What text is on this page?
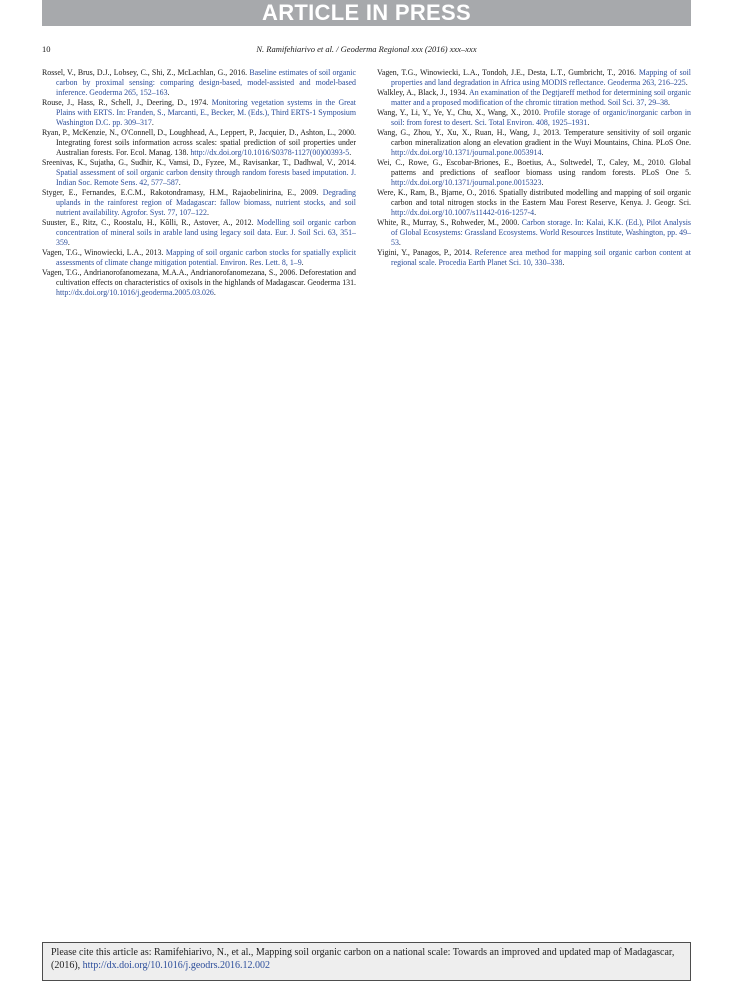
ARTICLE IN PRESS
10	N. Ramifehiarivo et al. / Geoderma Regional xxx (2016) xxx–xxx

Rossel, V., Brus, D.J., Lobsey, C., Shi, Z., McLachlan, G., 2016. Baseline estimates of soil organic carbon by proximal sensing: comparing design-based, model-assisted and model-based inference. Geoderma 265, 152–163.

Rouse, J., Hass, R., Schell, J., Deering, D., 1974. Monitoring vegetation systems in the Great Plains with ERTS. In: Franden, S., Marcanti, E., Becker, M. (Eds.), Third ERTS-1 Symposium Washington D.C. pp. 309–317.

Ryan, P., McKenzie, N., O'Connell, D., Loughhead, A., Leppert, P., Jacquier, D., Ashton, L., 2000. Integrating forest soils information across scales: spatial prediction of soil properties under Australian forests. For. Ecol. Manag. 138. http://dx.doi.org/10.1016/S0378-1127(00)00393-5.

Sreenivas, K., Sujatha, G., Sudhir, K., Vamsi, D., Fyzee, M., Ravisankar, T., Dadhwal, V., 2014. Spatial assessment of soil organic carbon density through random forests based imputation. J. Indian Soc. Remote Sens. 42, 577–587.

Styger, E., Fernandes, E.C.M., Rakotondramasy, H.M., Rajaobelinirina, E., 2009. Degrading uplands in the rainforest region of Madagascar: fallow biomass, nutrient stocks, and soil nutrient availability. Agrofor. Syst. 77, 107–122.

Suuster, E., Ritz, C., Roostalu, H., Kõlli, R., Astover, A., 2012. Modelling soil organic carbon concentration of mineral soils in arable land using legacy soil data. Eur. J. Soil Sci. 63, 351–359.

Vagen, T.G., Winowiecki, L.A., 2013. Mapping of soil organic carbon stocks for spatially explicit assessments of climate change mitigation potential. Environ. Res. Lett. 8, 1–9.

Vagen, T.G., Andrianorofanomezana, M.A.A., Andrianorofanomezana, S., 2006. Deforestation and cultivation effects on characteristics of oxisols in the highlands of Madagascar. Geoderma 131. http://dx.doi.org/10.1016/j.geoderma.2005.03.026.

Vagen, T.G., Winowiecki, L.A., Tondoh, J.E., Desta, L.T., Gumbricht, T., 2016. Mapping of soil properties and land degradation in Africa using MODIS reflectance. Geoderma 263, 216–225.

Walkley, A., Black, J., 1934. An examination of the Degtjareff method for determining soil organic matter and a proposed modification of the chromic titration method. Soil Sci. 37, 29–38.

Wang, Y., Li, Y., Ye, Y., Chu, X., Wang, X., 2010. Profile storage of organic/inorganic carbon in soil: from forest to desert. Sci. Total Environ. 408, 1925–1931.

Wang, G., Zhou, Y., Xu, X., Ruan, H., Wang, J., 2013. Temperature sensitivity of soil organic carbon mineralization along an elevation gradient in the Wuyi Mountains, China. PLoS One. http://dx.doi.org/10.1371/journal.pone.0053914.

Wei, C., Rowe, G., Escobar-Briones, E., Boetius, A., Soltwedel, T., Caley, M., 2010. Global patterns and predictions of seafloor biomass using random forests. PLoS One 5. http://dx.doi.org/10.1371/journal.pone.0015323.

Were, K., Ram, B., Bjarne, O., 2016. Spatially distributed modelling and mapping of soil organic carbon and total nitrogen stocks in the Eastern Mau Forest Reserve, Kenya. J. Geogr. Sci. http://dx.doi.org/10.1007/s11442-016-1257-4.

White, R., Murray, S., Rohweder, M., 2000. Carbon storage. In: Kalai, K.K. (Ed.), Pilot Analysis of Global Ecosystems: Grassland Ecosystems. World Resources Institute, Washington, pp. 49–53.

Yigini, Y., Panagos, P., 2014. Reference area method for mapping soil organic carbon content at regional scale. Procedia Earth Planet Sci. 10, 330–338.

Please cite this article as: Ramifehiarivo, N., et al., Mapping soil organic carbon on a national scale: Towards an improved and updated map of Madagascar, (2016), http://dx.doi.org/10.1016/j.geodrs.2016.12.002
